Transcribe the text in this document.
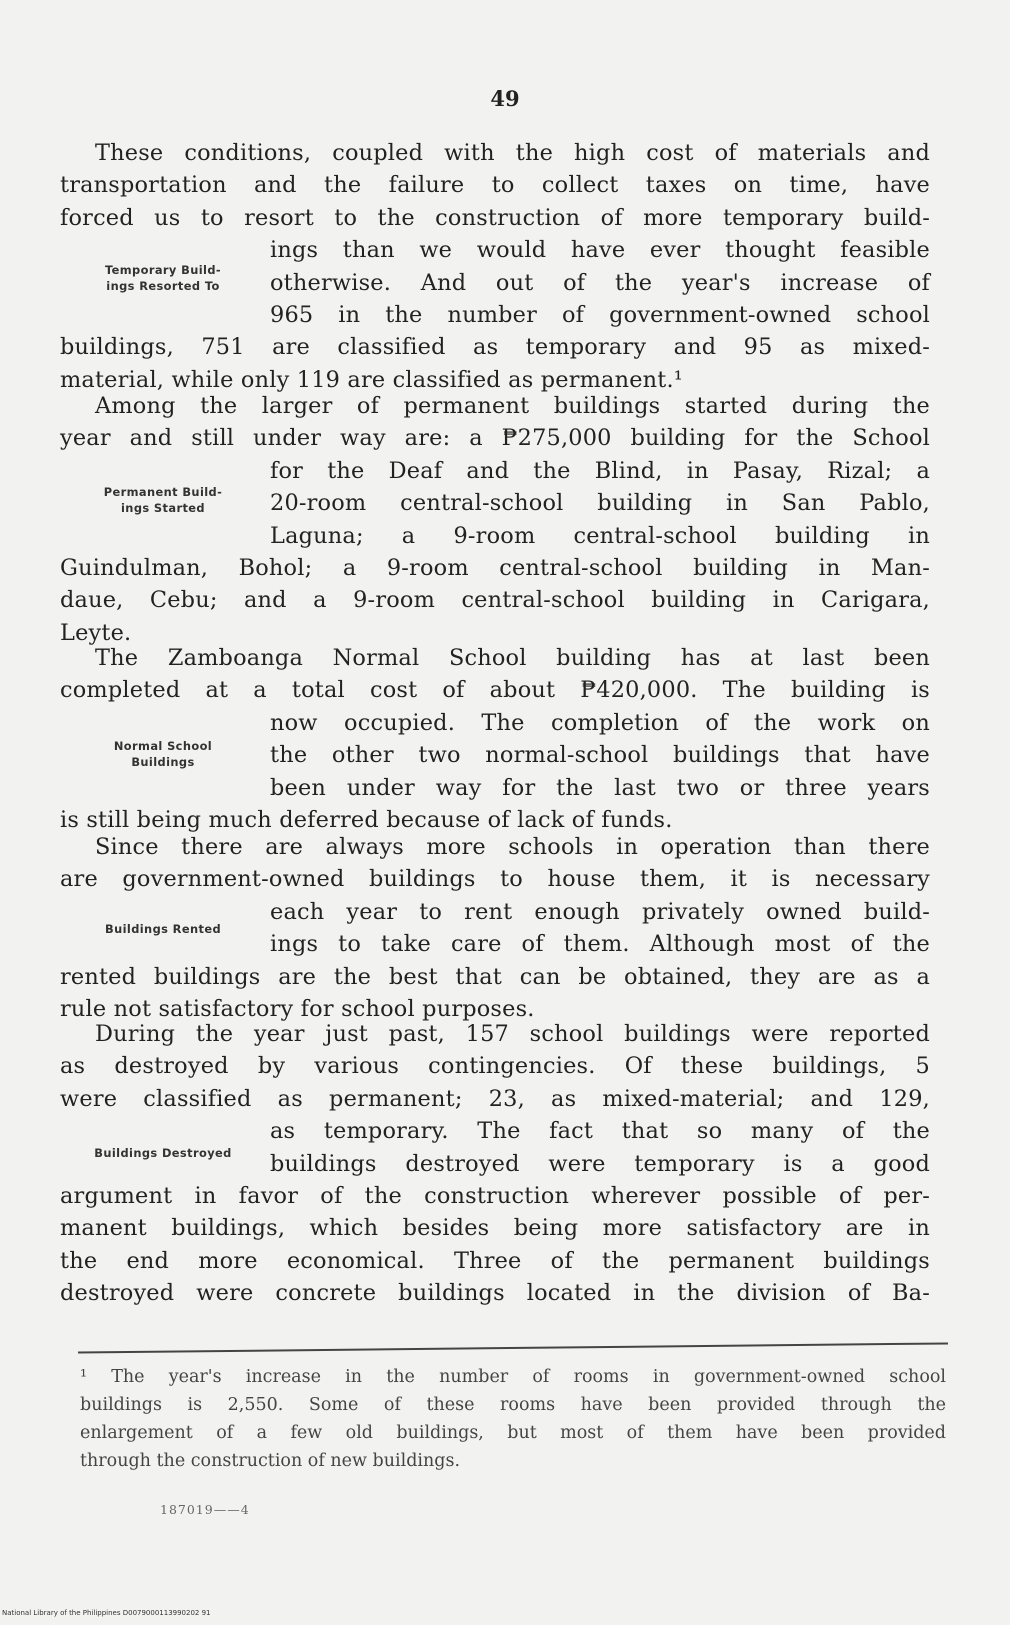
49
These conditions, coupled with the high cost of materials and
transportation and the failure to collect taxes on time, have
forced us to resort to the construction of more temporary build-
ings than we would have ever thought feasible
otherwise. And out of the year's increase of
965 in the number of government-owned school
buildings, 751 are classified as temporary and 95 as mixed-
material, while only 119 are classified as permanent.¹
Temporary Build-
ings Resorted To
Among the larger of permanent buildings started during the
year and still under way are: a ₱275,000 building for the School
for the Deaf and the Blind, in Pasay, Rizal; a
20-room central-school building in San Pablo,
Laguna; a 9-room central-school building in
Guindulman, Bohol; a 9-room central-school building in Man-
daue, Cebu; and a 9-room central-school building in Carigara,
Leyte.
Permanent Build-
ings Started
The Zamboanga Normal School building has at last been
completed at a total cost of about ₱420,000. The building is
now occupied. The completion of the work on
the other two normal-school buildings that have
been under way for the last two or three years
is still being much deferred because of lack of funds.
Normal School
Buildings
Since there are always more schools in operation than there
are government-owned buildings to house them, it is necessary
each year to rent enough privately owned build-
ings to take care of them. Although most of the
rented buildings are the best that can be obtained, they are as a
rule not satisfactory for school purposes.
Buildings Rented
During the year just past, 157 school buildings were reported
as destroyed by various contingencies. Of these buildings, 5
were classified as permanent; 23, as mixed-material; and 129,
as temporary. The fact that so many of the
buildings destroyed were temporary is a good
argument in favor of the construction wherever possible of per-
manent buildings, which besides being more satisfactory are in
the end more economical. Three of the permanent buildings
destroyed were concrete buildings located in the division of Ba-
Buildings Destroyed
¹ The year's increase in the number of rooms in government-owned school
buildings is 2,550. Some of these rooms have been provided through the
enlargement of a few old buildings, but most of them have been provided
through the construction of new buildings.
187019——4
National Library of the Philippines D0079000113990202 91
